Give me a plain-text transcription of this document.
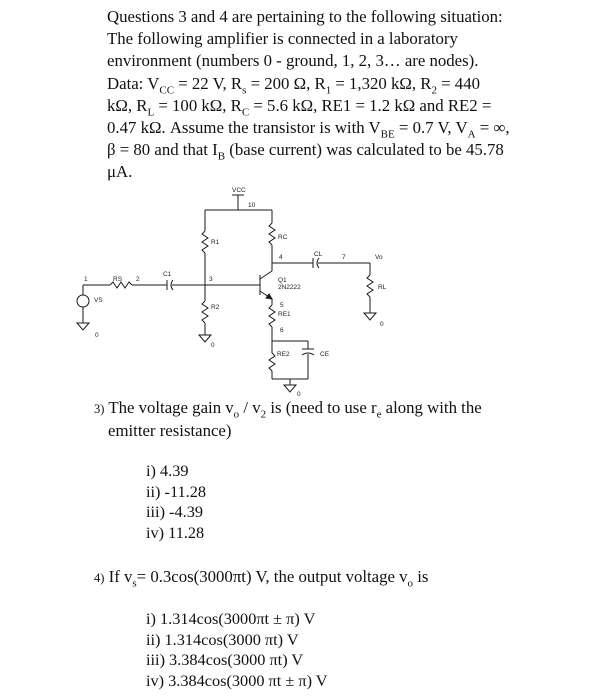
Questions 3 and 4 are pertaining to the following situation:

The following amplifier is connected in a laboratory

environment (numbers 0 - ground, 1, 2, 3… are nodes).

Data: $V_{CC} = 22$ V, $R_s = 200$ Ω, $R_1 = 1,320$ kΩ, $R_2 = 440$

kΩ, $R_L = 100$ kΩ, $R_C = 5.6$ kΩ, RE1 = 1.2 kΩ and RE2 =

0.47 kΩ. Assume the transistor is with $V_{BE} = 0.7$ V, $V_A$ = ∞,

β = 80 and that $I_B$ (base current) was calculated to be 45.78

μA.

VCC
10
R1
RC
4	CL	7	Vo
RL
1	RS 2
C1
3
VS
Q1
2N2222
R2	5
RE1
0
6
0
0
RE2	CE
0
3) The voltage gain $v_o / v_2$ is (need to use $r_e$ along with the
emitter resistance)
i) 4.39
ii) -11.28
iii) -4.39
iv) 11.28
4) If $v_s= 0.3\cos(3000\pi t)$ V, the output voltage $v_o$ is
i) 1.314cos(3000πt ± π) V
ii) 1.314cos(3000 πt) V
iii) 3.384cos(3000 πt) V
iv) 3.384cos(3000 πt ± π) V
